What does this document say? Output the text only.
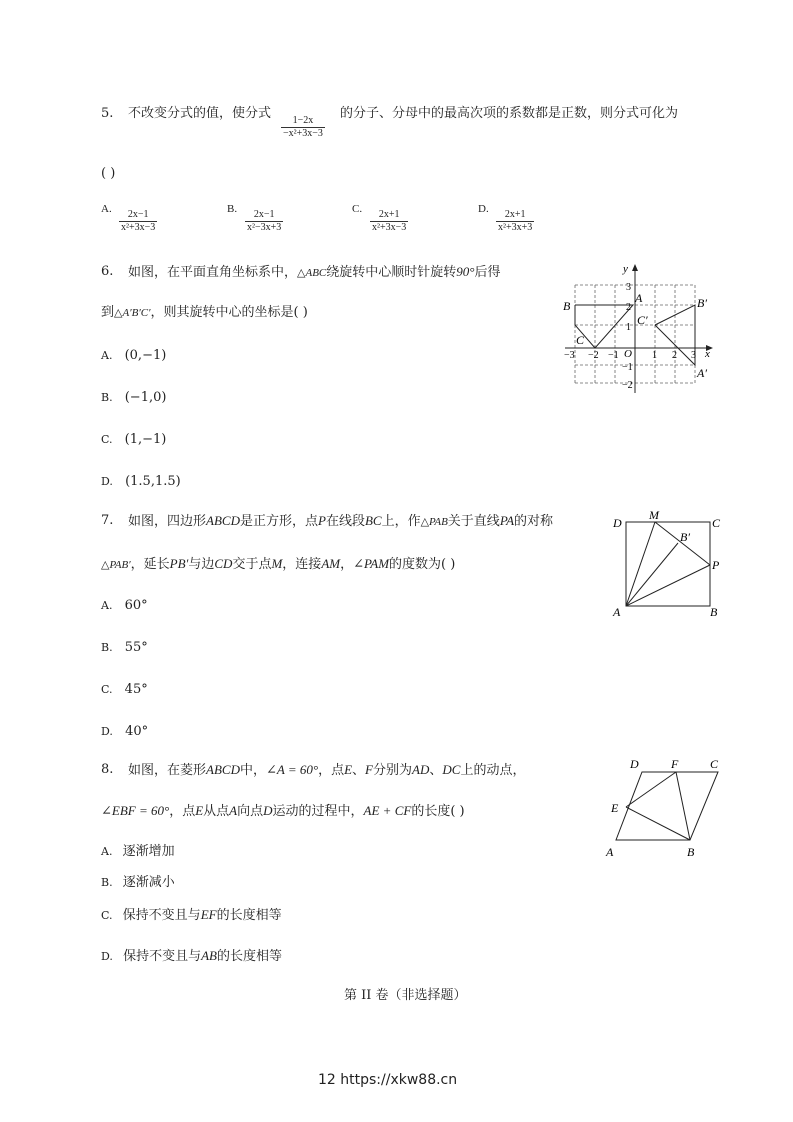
5. 不改变分式的值，使分式
$\frac{1-2x}{\text{−x²+3x−3}}$
的分子、分母中的最高次项的系数都是正数，则分式可化为
( )
A. $\frac{2x-1}{\text{x²+3x−3}}$	B. $\frac{2x-1}{\text{x²−3x+3}}$	C. $\frac{2x+1}{\text{x²+3x−3}}$	D. $\frac{2x+1}{\text{x²+3x+3}}$
6. 如图，在平面直角坐标系中，△ABC绕旋转中心顺时针旋转90°后得
到△A′B′C′，则其旋转中心的坐标是( )
A. (0,−1)
B. (−1,0)
C. (1,−1)
D. (1.5,1.5)
x
y
O
−3 −2 −1	1 2 3
3
2
1
−1
−2
A
B
C
A′
B′
C′
7. 如图，四边形ABCD是正方形，点P在线段BC上，作△PAB关于直线PA的对称
△PAB′，延长PB′与边CD交于点M，连接AM，∠PAM的度数为( )
A. 60°
B. 55°
C. 45°
D. 40°
D
M
C
B′
P
A	B
8. 如图，在菱形ABCD中，∠A = 60°，点E、F分别为AD、DC上的动点，
∠EBF = 60°，点E从点A向点D运动的过程中，AE + CF的长度( )
A. 逐渐增加
B. 逐渐减小
C. 保持不变且与EF的长度相等
D. 保持不变且与AB的长度相等
D	F	C
E
A	B
第 II 卷（非选择题）
12 https://xkw88.cn
